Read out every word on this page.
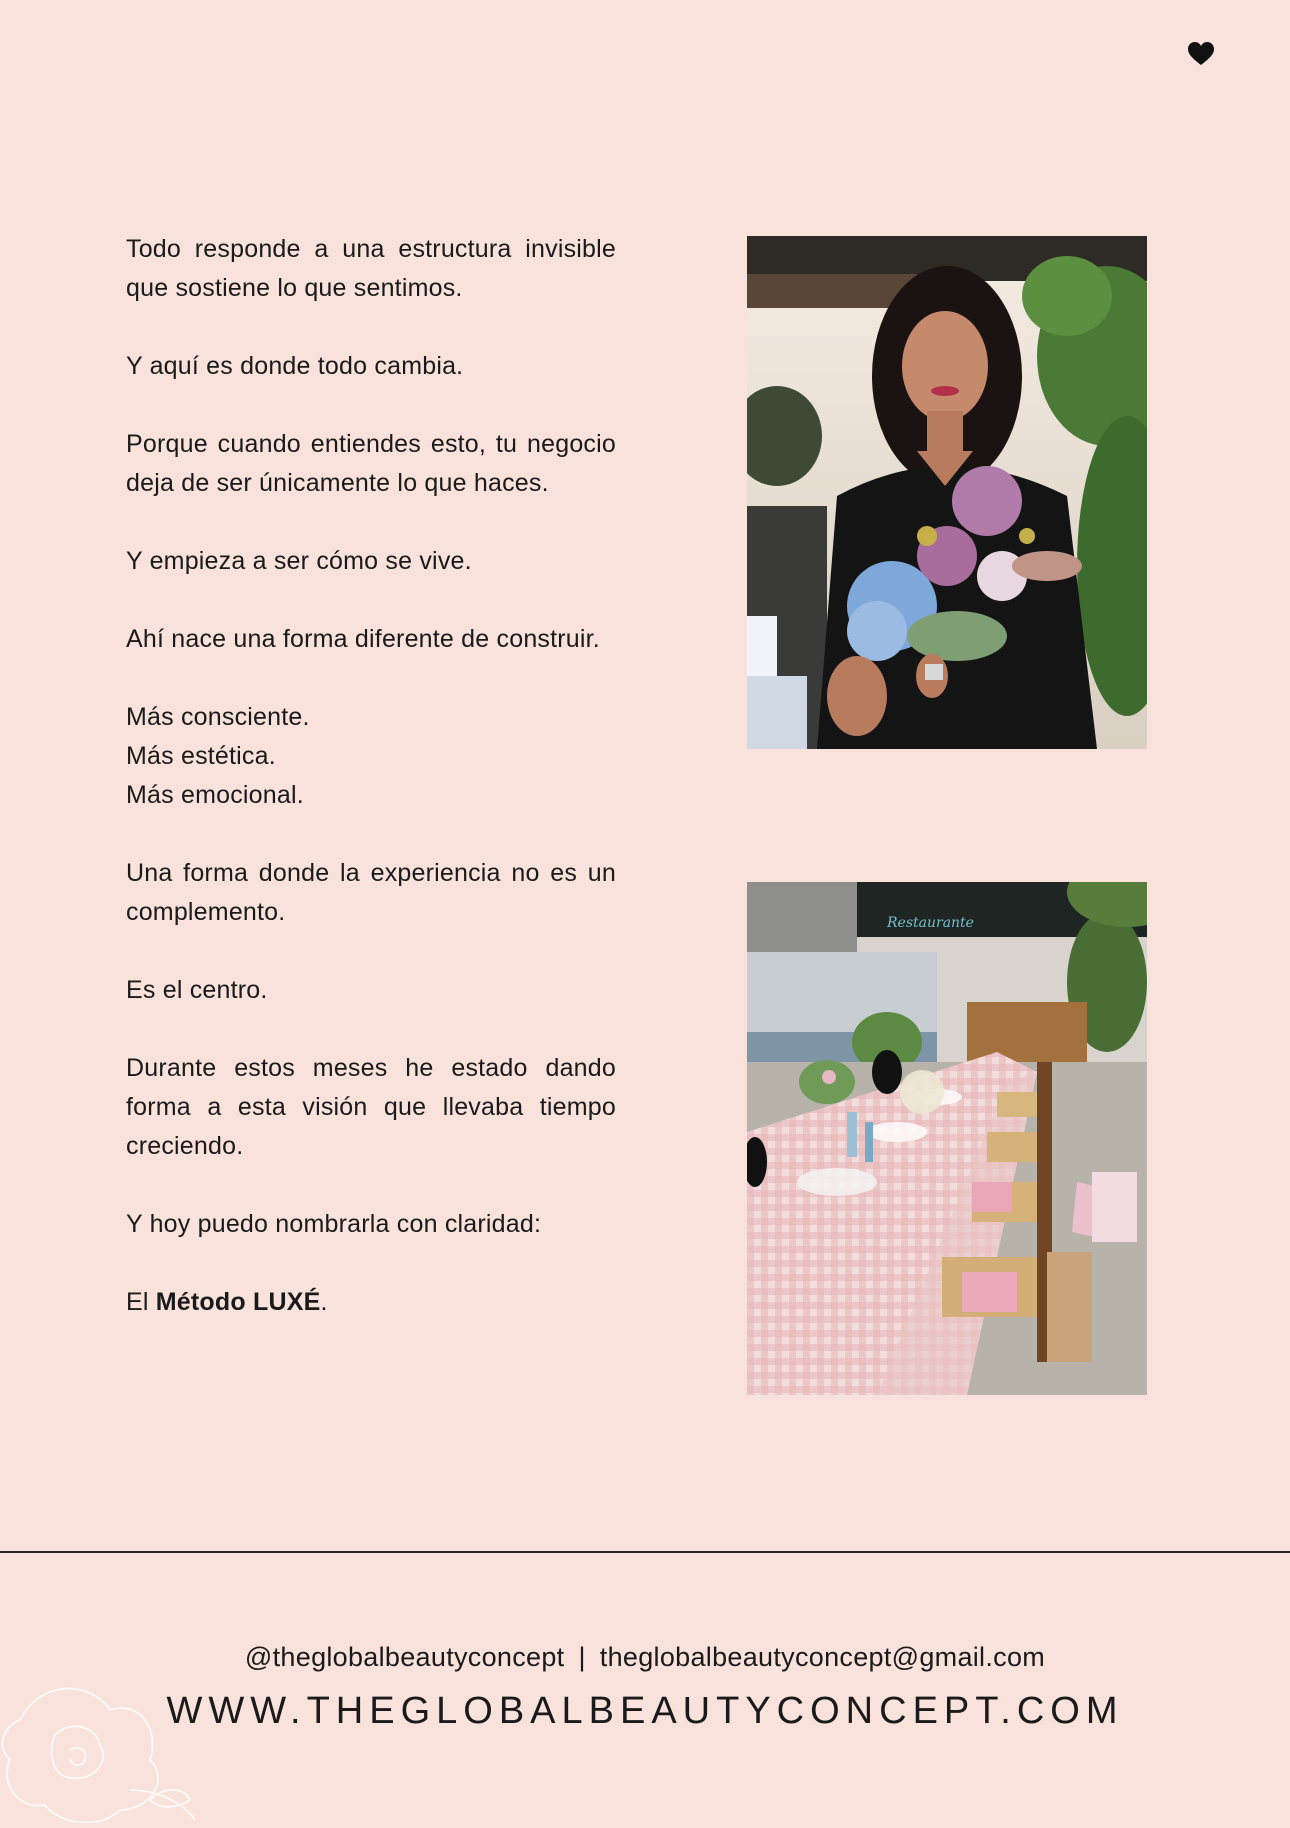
Todo responde a una estructura invisible que sostiene lo que sentimos.

Y aquí es donde todo cambia.

Porque cuando entiendes esto, tu negocio deja de ser únicamente lo que haces.

Y empieza a ser cómo se vive.

Ahí nace una forma diferente de construir.

Más consciente.
Más estética.
Más emocional.

Una forma donde la experiencia no es un complemento.

Es el centro.

Durante estos meses he estado dando forma a esta visión que llevaba tiempo creciendo.

Y hoy puedo nombrarla con claridad:

El Método LUXÉ.

Restaurante
@theglobalbeautyconcept | theglobalbeautyconcept@gmail.com
WWW.THEGLOBALBEAUTYCONCEPT.COM
